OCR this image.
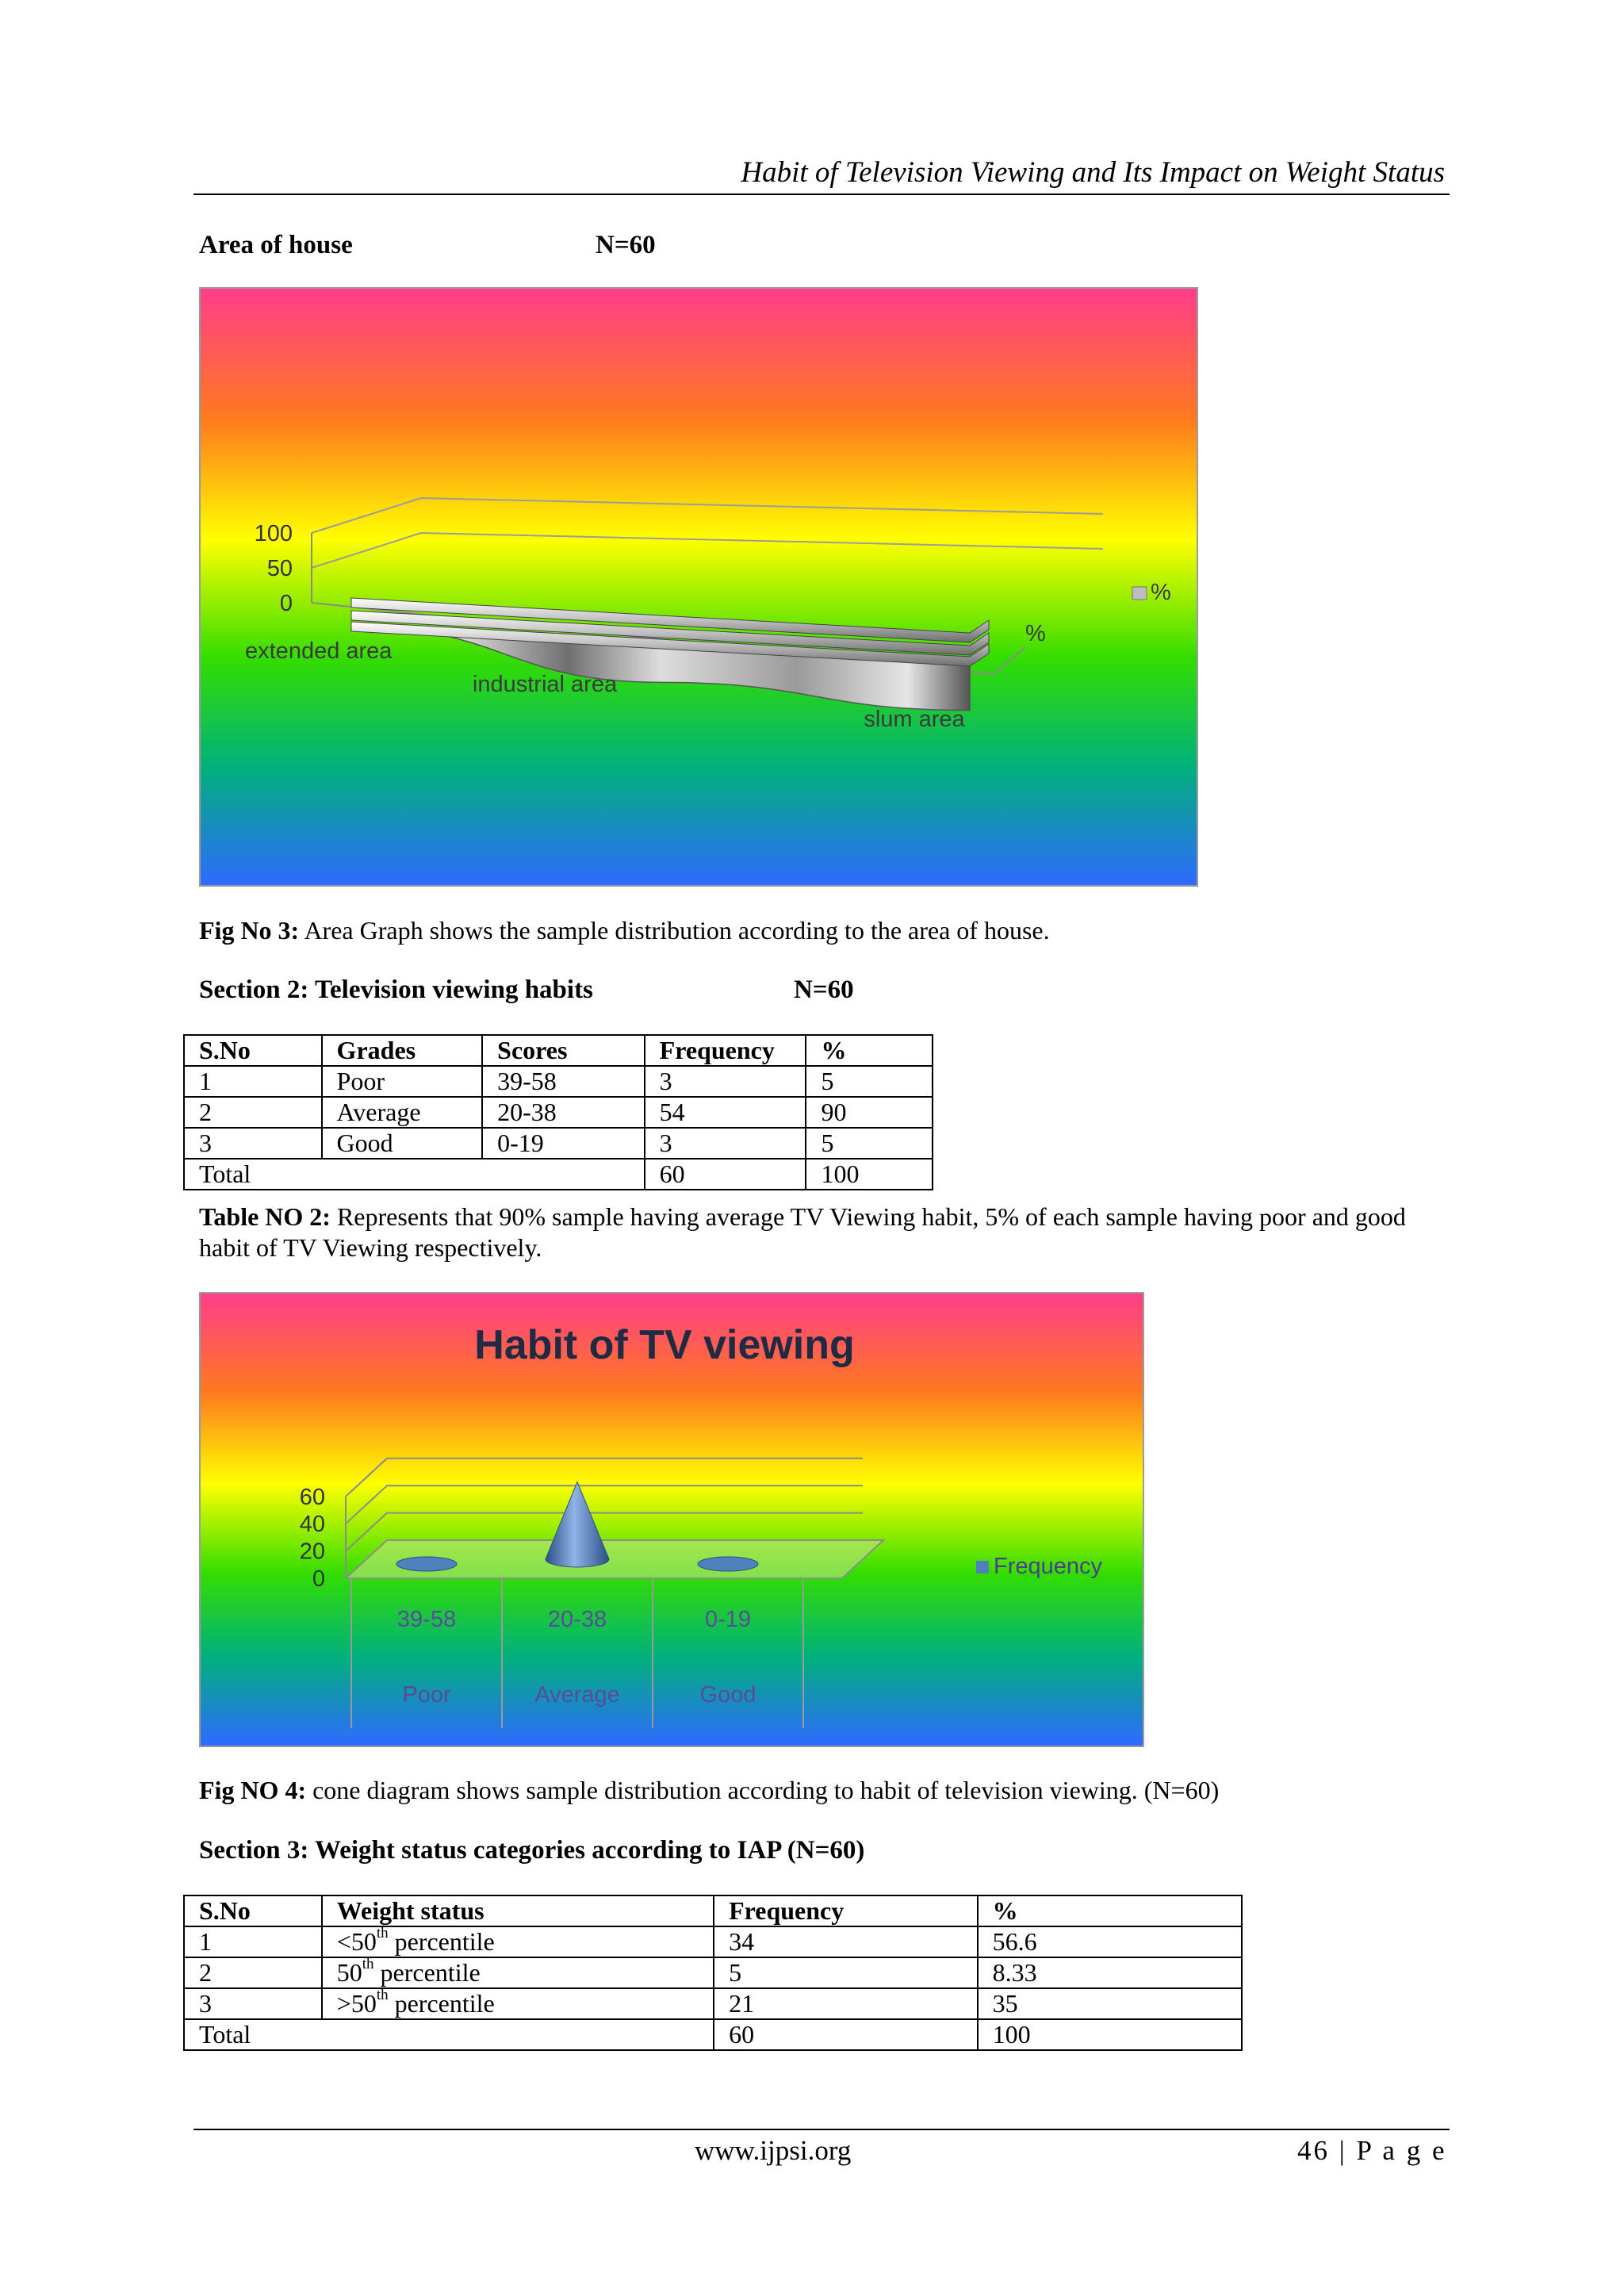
Habit of Television Viewing and Its Impact on Weight Status
Area of house	N=60
0
50
100
extended area
industrial area
slum area
%
%
Fig No 3: Area Graph shows the sample distribution according to the area of house.
Section 2: Television viewing habits	N=60
S.No	Grades	Scores	Frequency	%
1	Poor	39-58	3	5
2	Average	20-38	54	90
3	Good	0-19	3	5
Total			60	100
Table NO 2: Represents that 90% sample having average TV Viewing habit, 5% of each sample having poor and good habit of TV Viewing respectively.
Habit of TV viewing
0
20
40
60
39-58	20-38	0-19
Poor	Average	Good
Frequency
Fig NO 4: cone diagram shows sample distribution according to habit of television viewing. (N=60)
Section 3: Weight status categories according to IAP (N=60)
S.No	Weight status	Frequency	%
1	<50th percentile	34	56.6
2	50th percentile	5	8.33
3	>50th percentile	21	35
Total		60	100
www.ijpsi.org	46 | P a g e
